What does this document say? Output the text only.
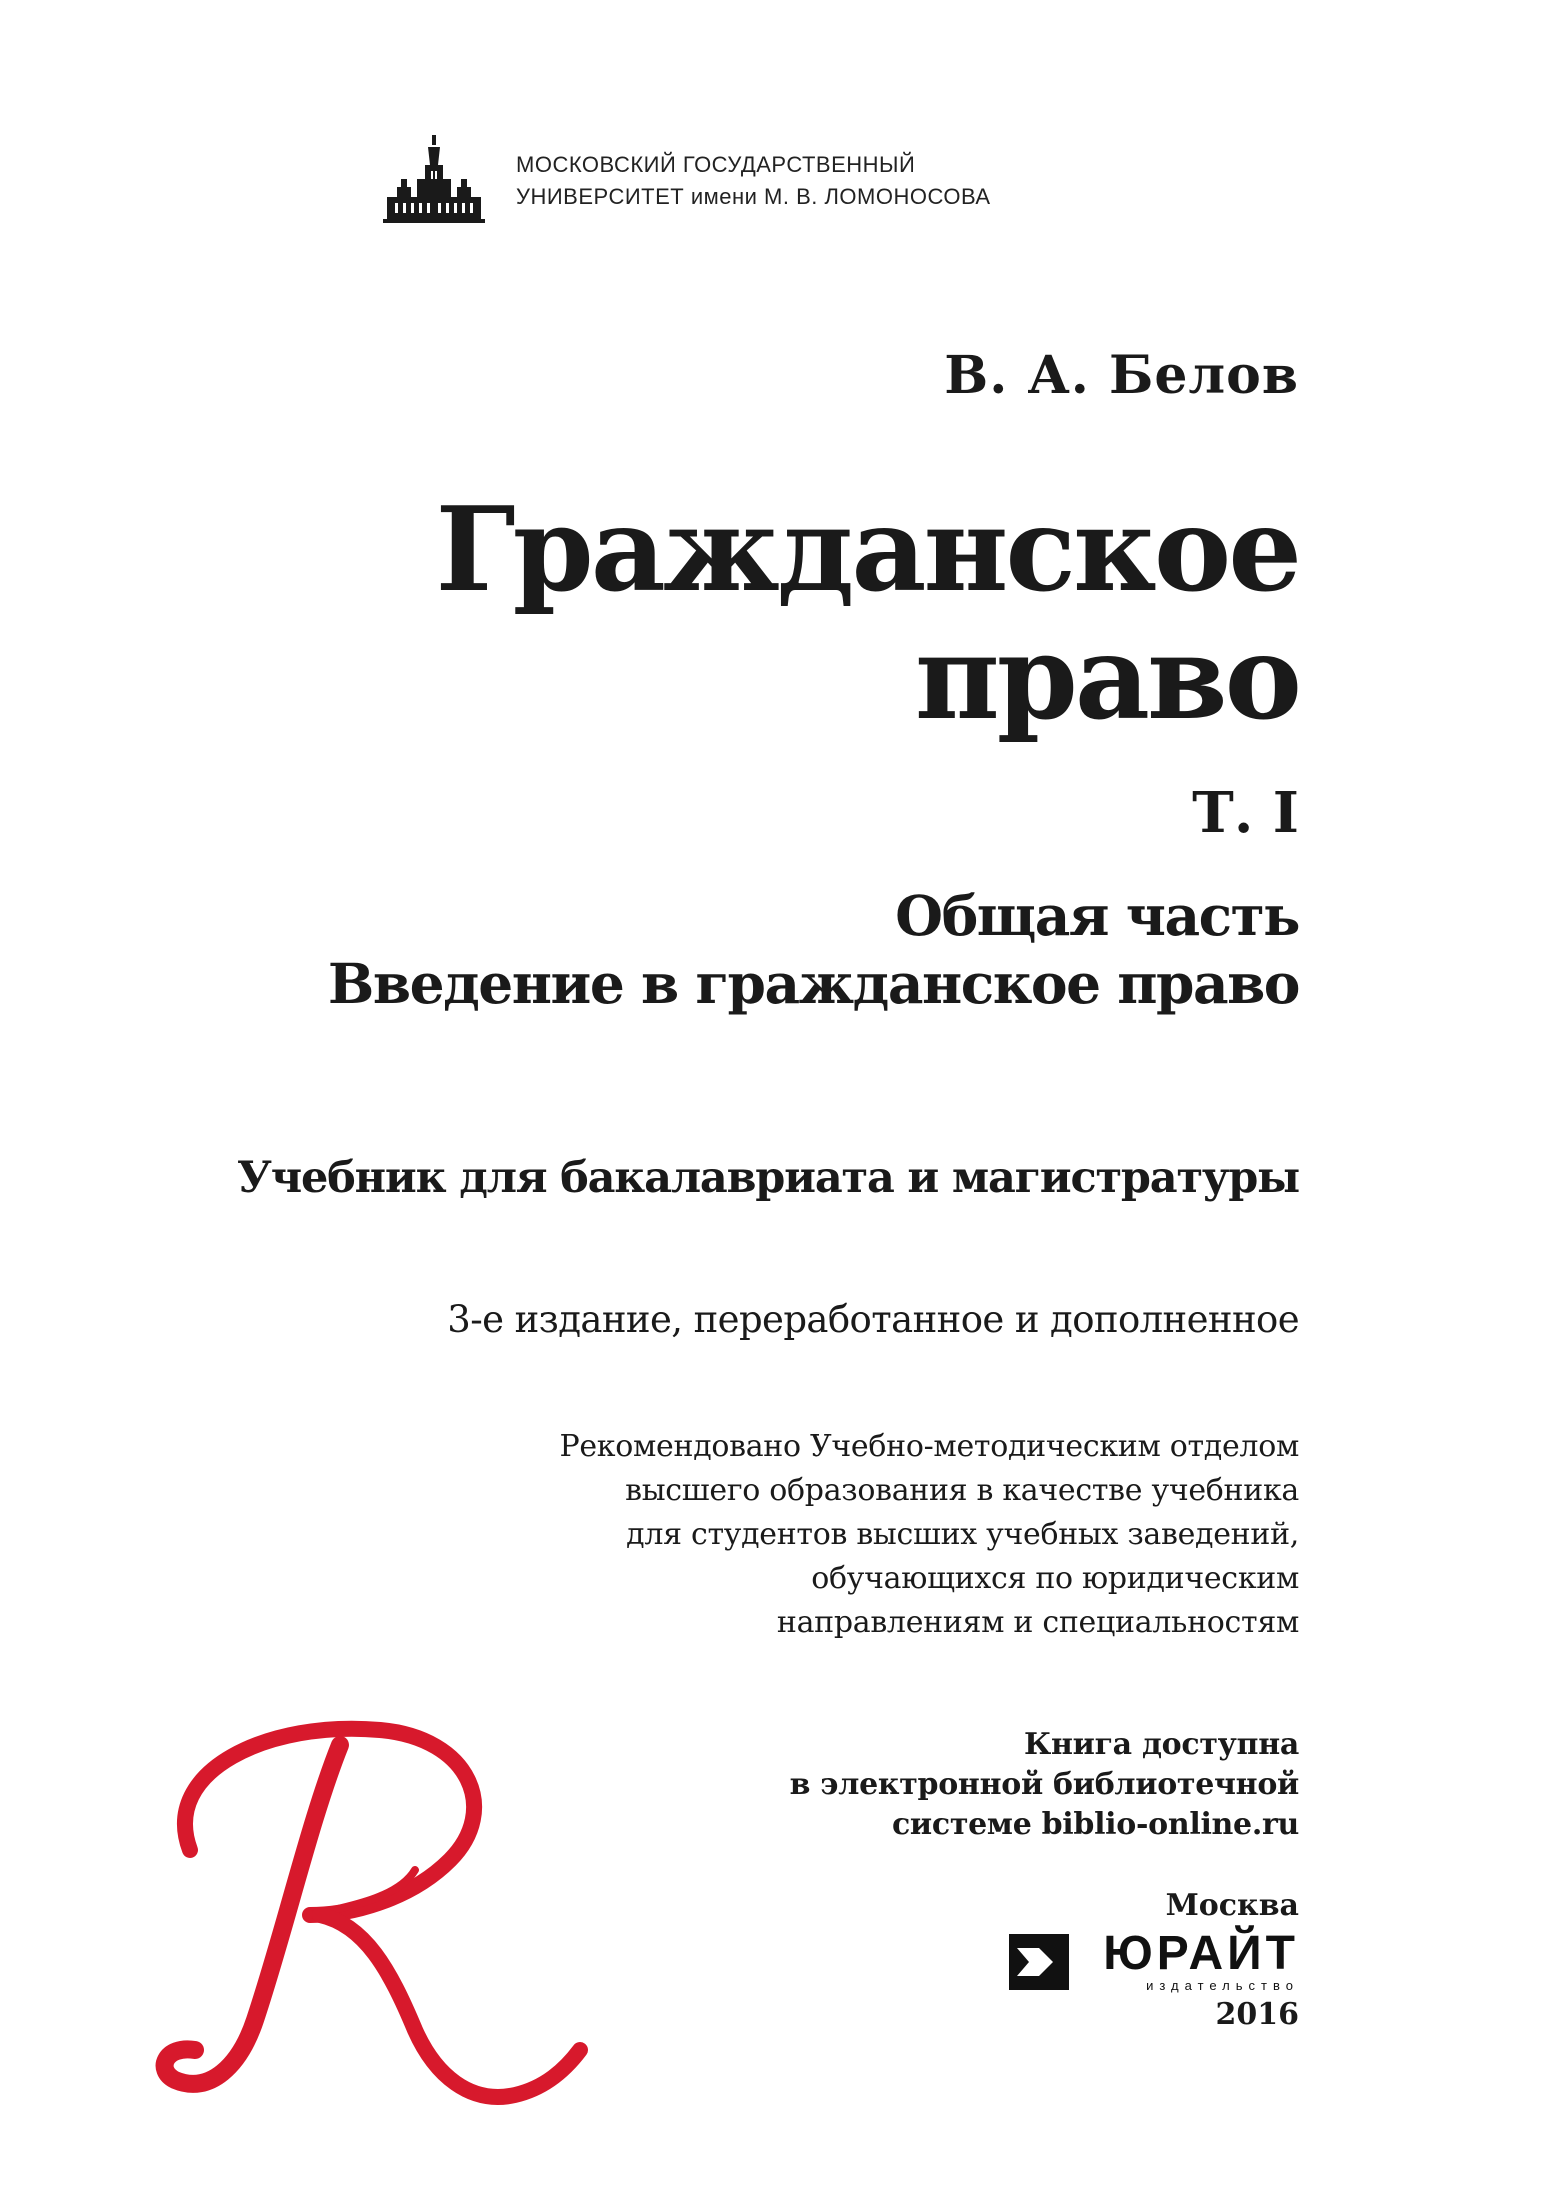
МОСКОВСКИЙ ГОСУДАРСТВЕННЫЙ
УНИВЕРСИТЕТ имени М. В. ЛОМОНОСОВА
В. А. Белов
Гражданское
право
Т. I
Общая часть
Введение в гражданское право
Учебник для бакалавриата и магистратуры
3-е издание, переработанное и дополненное
Рекомендовано Учебно-методическим отделом
высшего образования в качестве учебника
для студентов высших учебных заведений,
обучающихся по юридическим
направлениям и специальностям
Книга доступна
в электронной библиотечной
системе biblio-online.ru
Москва
ЮРАЙТ
издательство
2016
